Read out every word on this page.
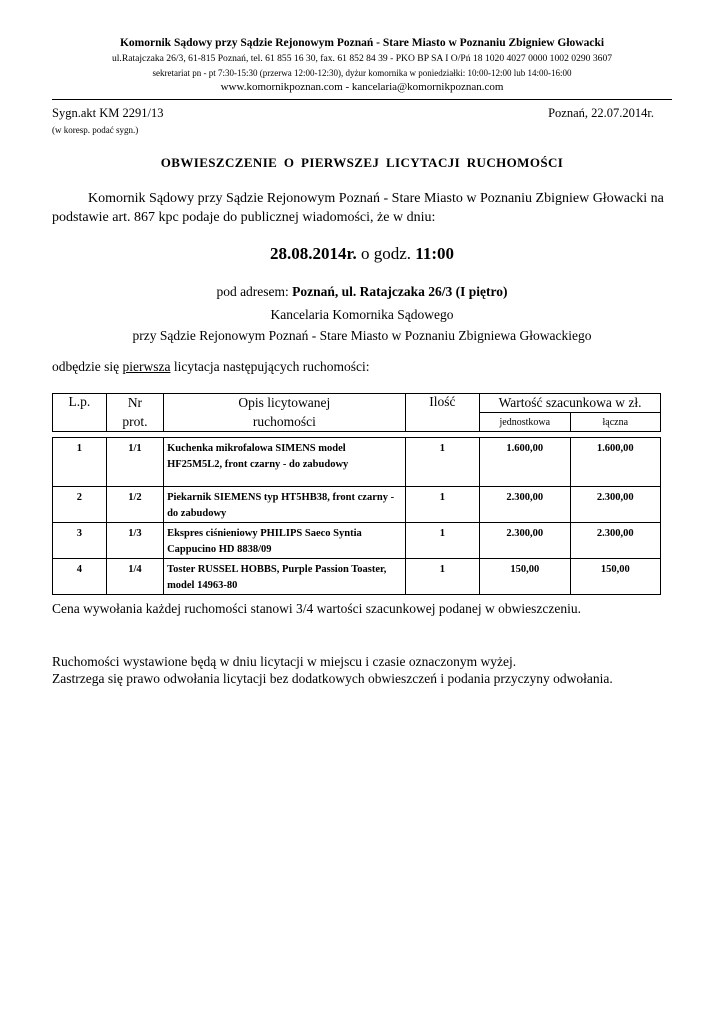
Komornik Sądowy przy Sądzie Rejonowym Poznań - Stare Miasto w Poznaniu Zbigniew Głowacki
ul.Ratajczaka 26/3, 61-815 Poznań, tel. 61 855 16 30, fax. 61 852 84 39 - PKO BP SA I O/Pń 18 1020 4027 0000 1002 0290 3607
sekretariat pn - pt 7:30-15:30 (przerwa 12:00-12:30), dyżur komornika w poniedziałki: 10:00-12:00 lub 14:00-16:00
www.komornikpoznan.com - kancelaria@komornikpoznan.com
Sygn.akt KM 2291/13	Poznań, 22.07.2014r.
(w koresp. podać sygn.)
OBWIESZCZENIE O PIERWSZEJ LICYTACJI RUCHOMOŚCI
Komornik Sądowy przy Sądzie Rejonowym Poznań - Stare Miasto w Poznaniu Zbigniew Głowacki na podstawie art. 867 kpc podaje do publicznej wiadomości, że w dniu:
28.08.2014r. o godz. 11:00
pod adresem: Poznań, ul. Ratajczaka 26/3 (I piętro)
Kancelaria Komornika Sądowego
przy Sądzie Rejonowym Poznań - Stare Miasto w Poznaniu Zbigniewa Głowackiego
odbędzie się pierwsza licytacja następujących ruchomości:
L.p.	Nr	Opis licytowanej	Ilość	Wartość szacunkowa w zł.	
	prot.	ruchomości		jednostkowa	łączna
1	1/1	Kuchenka mikrofalowa SIMENS model HF25M5L2, front czarny - do zabudowy	1	1.600,00	1.600,00
2	1/2	Piekarnik SIEMENS typ HT5HB38, front czarny - do zabudowy	1	2.300,00	2.300,00
3	1/3	Ekspres ciśnieniowy PHILIPS Saeco Syntia Cappucino HD 8838/09	1	2.300,00	2.300,00
4	1/4	Toster RUSSEL HOBBS, Purple Passion Toaster, model 14963-80	1	150,00	150,00
Cena wywołania każdej ruchomości stanowi 3/4 wartości szacunkowej podanej w obwieszczeniu.
Ruchomości wystawione będą w dniu licytacji w miejscu i czasie oznaczonym wyżej.
Zastrzega się prawo odwołania licytacji bez dodatkowych obwieszczeń i podania przyczyny odwołania.
